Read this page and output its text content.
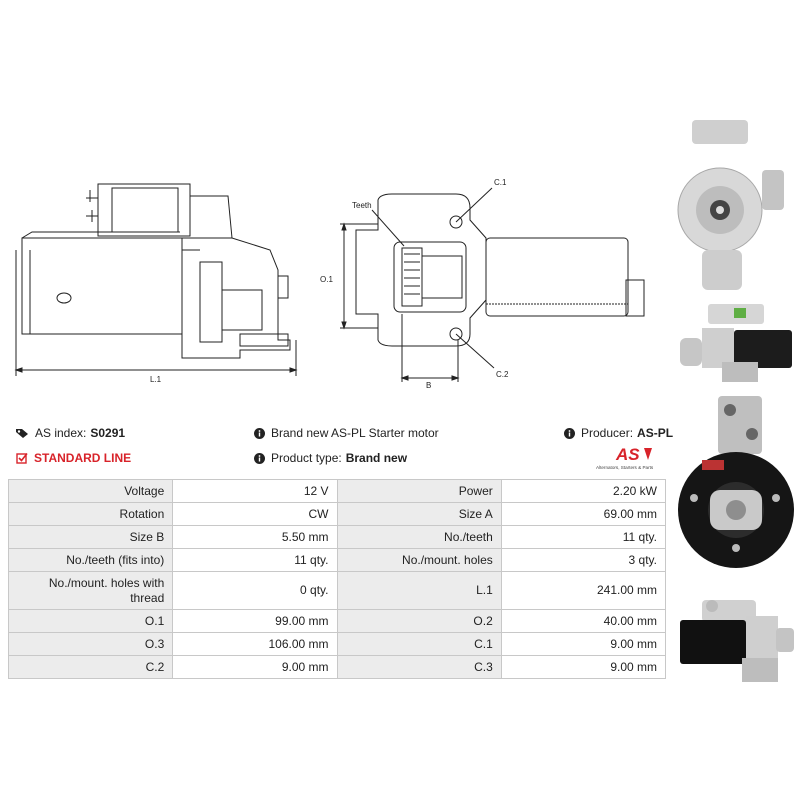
L.1
O.1
B
C.1
C.2
Teeth
AS index: S0291
STANDARD LINE
Brand new AS-PL Starter motor
Product type: Brand new
Producer: AS-PL
AS
Alternators, Starters & Parts
Voltage	12 V	Power	2.20 kW
Rotation	CW	Size A	69.00 mm
Size B	5.50 mm	No./teeth	11 qty.
No./teeth (fits into)	11 qty.	No./mount. holes	3 qty.
No./mount. holes with thread	0 qty.	L.1	241.00 mm
O.1	99.00 mm	O.2	40.00 mm
O.3	106.00 mm	C.1	9.00 mm
C.2	9.00 mm	C.3	9.00 mm
